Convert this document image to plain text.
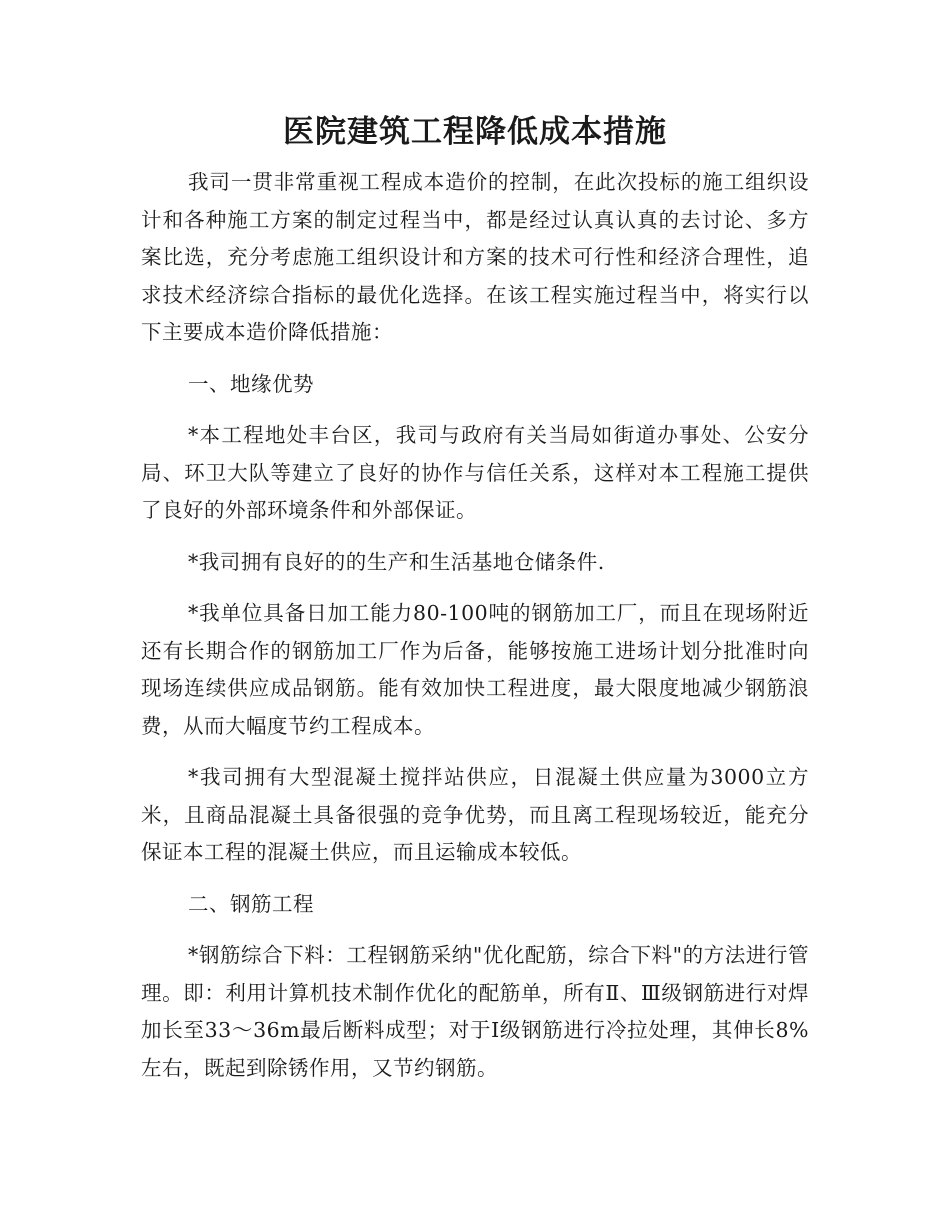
医院建筑工程降低成本措施

我司一贯非常重视工程成本造价的控制，在此次投标的施工组织设计和各种施工方案的制定过程当中，都是经过认真认真的去讨论、多方案比选，充分考虑施工组织设计和方案的技术可行性和经济合理性，追求技术经济综合指标的最优化选择。在该工程实施过程当中，将实行以下主要成本造价降低措施：

一、地缘优势

*本工程地处丰台区，我司与政府有关当局如街道办事处、公安分局、环卫大队等建立了良好的协作与信任关系，这样对本工程施工提供了良好的外部环境条件和外部保证。

*我司拥有良好的的生产和生活基地仓储条件.

*我单位具备日加工能力80-100吨的钢筋加工厂，而且在现场附近还有长期合作的钢筋加工厂作为后备，能够按施工进场计划分批准时向现场连续供应成品钢筋。能有效加快工程进度，最大限度地减少钢筋浪费，从而大幅度节约工程成本。

*我司拥有大型混凝土搅拌站供应，日混凝土供应量为3000立方米，且商品混凝土具备很强的竞争优势，而且离工程现场较近，能充分保证本工程的混凝土供应，而且运输成本较低。

二、钢筋工程

*钢筋综合下料：工程钢筋采纳"优化配筋，综合下料"的方法进行管理。即：利用计算机技术制作优化的配筋单，所有Ⅱ、Ⅲ级钢筋进行对焊加长至33～36m最后断料成型；对于Ⅰ级钢筋进行冷拉处理，其伸长8%左右，既起到除锈作用，又节约钢筋。
